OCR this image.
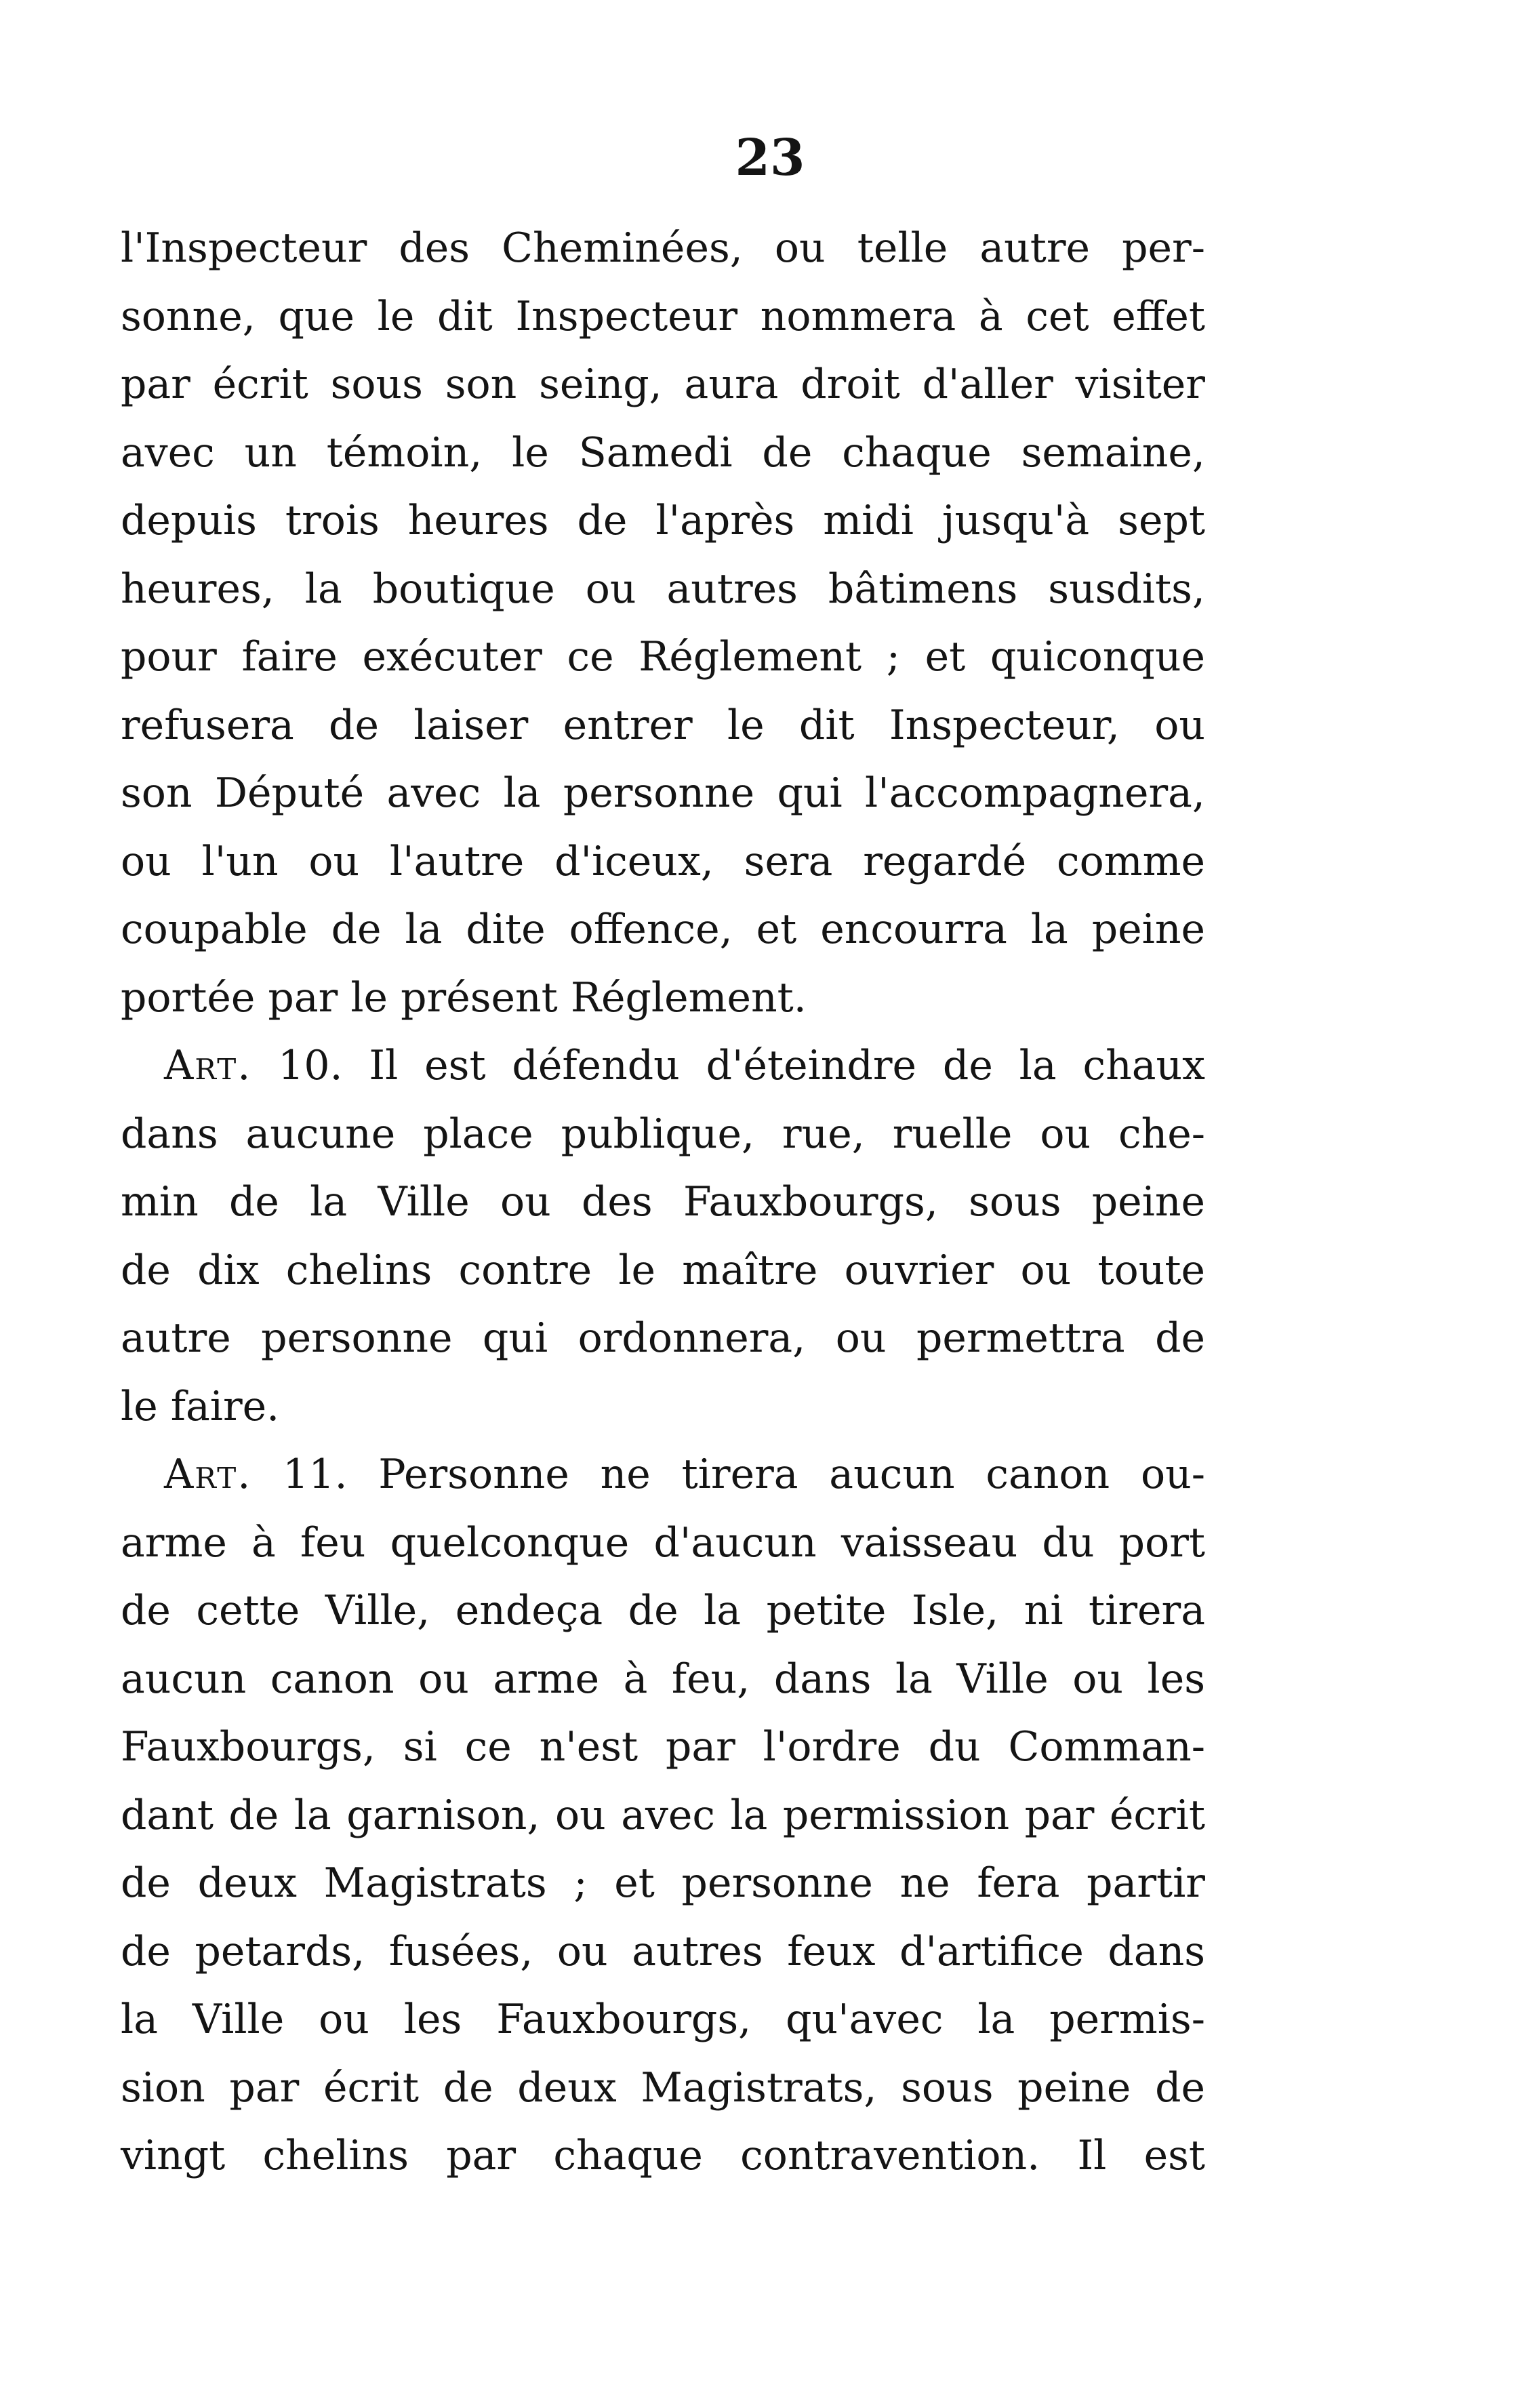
23
l'Inspecteur des Cheminées, ou telle autre per-
sonne, que le dit Inspecteur nommera à cet effet
par écrit sous son seing, aura droit d'aller visiter
avec un témoin, le Samedi de chaque semaine,
depuis trois heures de l'après midi jusqu'à sept
heures, la boutique ou autres bâtimens susdits,
pour faire exécuter ce Réglement ; et quiconque
refusera de laiser entrer le dit Inspecteur, ou
son Député avec la personne qui l'accompagnera,
ou l'un ou l'autre d'iceux, sera regardé comme
coupable de la dite offence, et encourra la peine
portée par le présent Réglement.
Art. 10. Il est défendu d'éteindre de la chaux
dans aucune place publique, rue, ruelle ou che-
min de la Ville ou des Fauxbourgs, sous peine
de dix chelins contre le maître ouvrier ou toute
autre personne qui ordonnera, ou permettra de
le faire.
Art. 11. Personne ne tirera aucun canon ou-
arme à feu quelconque d'aucun vaisseau du port
de cette Ville, endeça de la petite Isle, ni tirera
aucun canon ou arme à feu, dans la Ville ou les
Fauxbourgs, si ce n'est par l'ordre du Comman-
dant de la garnison, ou avec la permission par écrit
de deux Magistrats ; et personne ne fera partir
de petards, fusées, ou autres feux d'artifice dans
la Ville ou les Fauxbourgs, qu'avec la permis-
sion par écrit de deux Magistrats, sous peine de
vingt chelins par chaque contravention. Il est
